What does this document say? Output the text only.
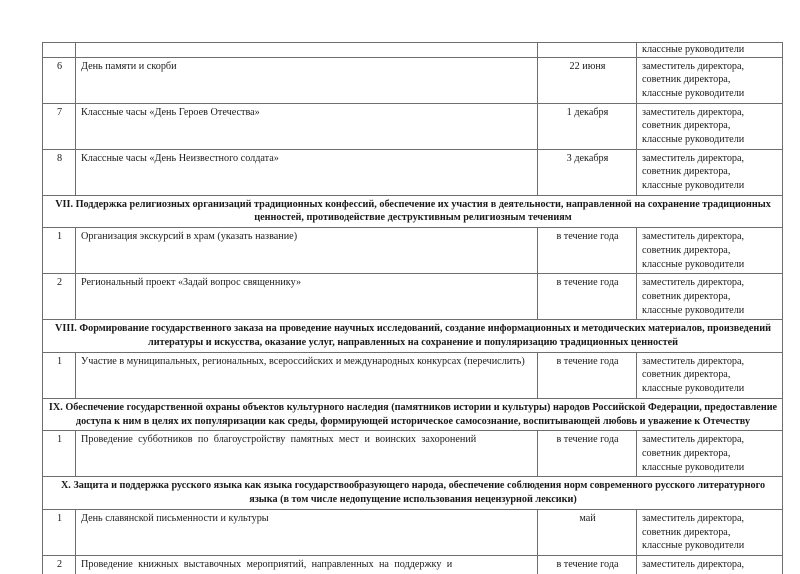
			классные руководители

6	День памяти и скорби	22 июня	заместитель директора,
советник директора,
классные руководители

7	Классные часы «День Героев Отечества»	1 декабря	заместитель директора,
советник директора,
классные руководители

8	Классные часы «День Неизвестного солдата»	3 декабря	заместитель директора,
советник директора,
классные руководители

VII. Поддержка религиозных организаций традиционных конфессий, обеспечение их участия в деятельности, направленной на сохранение традиционных ценностей, противодействие деструктивным религиозным течениям			
1	Организация экскурсий в храм (указать название)	в течение года	заместитель директора,
советник директора,
классные руководители

2	Региональный проект «Задай вопрос священнику»	в течение года	заместитель директора,
советник директора,
классные руководители

VIII. Формирование государственного заказа на проведение научных исследований, создание информационных и методических материалов, произведений литературы и искусства, оказание услуг, направленных на сохранение и популяризацию традиционных ценностей			
1	Участие в муниципальных, региональных, всероссийских и международных конкурсах (перечислить)	в течение года	заместитель директора,
советник директора,
классные руководители

IX. Обеспечение государственной охраны объектов культурного наследия (памятников истории и культуры) народов Российской Федерации, предоставление доступа к ним в целях их популяризации как среды, формирующей историческое самосознание, воспитывающей любовь и уважение к Отечеству			
1	Проведение субботников по благоустройству памятных мест и воинских захоронений	в течение года	заместитель директора,
советник директора,
классные руководители

X. Защита и поддержка русского языка как языка государствообразующего народа, обеспечение соблюдения норм современного русского литературного языка (в том числе недопущение использования нецензурной лексики)			
1	День славянской письменности и культуры	май	заместитель директора,
советник директора,
классные руководители

2	Проведение книжных выставочных мероприятий, направленных на поддержку и	в течение года	заместитель директора,
